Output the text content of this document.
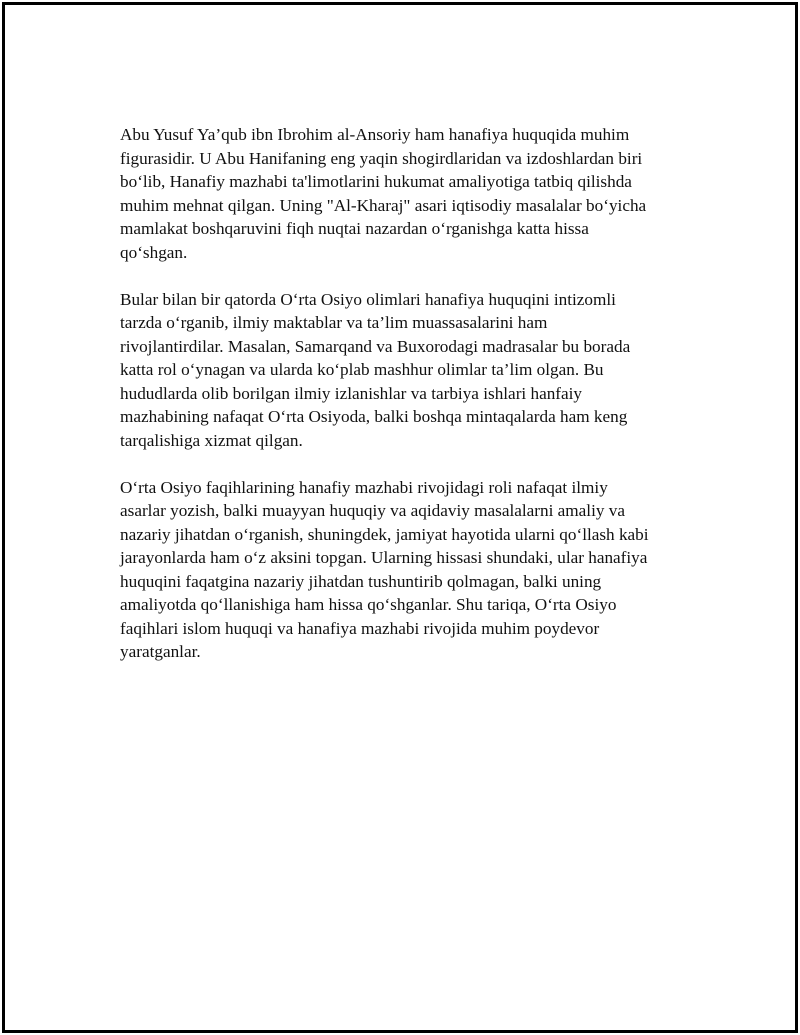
Abu Yusuf Ya’qub ibn Ibrohim al-Ansoriy ham hanafiya huquqida muhim
figurasidir. U Abu Hanifaning eng yaqin shogirdlaridan va izdoshlardan biri
bo‘lib, Hanafiy mazhabi ta'limotlarini hukumat amaliyotiga tatbiq qilishda
muhim mehnat qilgan. Uning "Al-Kharaj" asari iqtisodiy masalalar bo‘yicha
mamlakat boshqaruvini fiqh nuqtai nazardan o‘rganishga katta hissa
qo‘shgan.

Bular bilan bir qatorda O‘rta Osiyo olimlari hanafiya huquqini intizomli
tarzda o‘rganib, ilmiy maktablar va ta’lim muassasalarini ham
rivojlantirdilar. Masalan, Samarqand va Buxorodagi madrasalar bu borada
katta rol o‘ynagan va ularda ko‘plab mashhur olimlar ta’lim olgan. Bu
hududlarda olib borilgan ilmiy izlanishlar va tarbiya ishlari hanfaiy
mazhabining nafaqat O‘rta Osiyoda, balki boshqa mintaqalarda ham keng
tarqalishiga xizmat qilgan.

O‘rta Osiyo faqihlarining hanafiy mazhabi rivojidagi roli nafaqat ilmiy
asarlar yozish, balki muayyan huquqiy va aqidaviy masalalarni amaliy va
nazariy jihatdan o‘rganish, shuningdek, jamiyat hayotida ularni qo‘llash kabi
jarayonlarda ham o‘z aksini topgan. Ularning hissasi shundaki, ular hanafiya
huquqini faqatgina nazariy jihatdan tushuntirib qolmagan, balki uning
amaliyotda qo‘llanishiga ham hissa qo‘shganlar. Shu tariqa, O‘rta Osiyo
faqihlari islom huquqi va hanafiya mazhabi rivojida muhim poydevor
yaratganlar.
